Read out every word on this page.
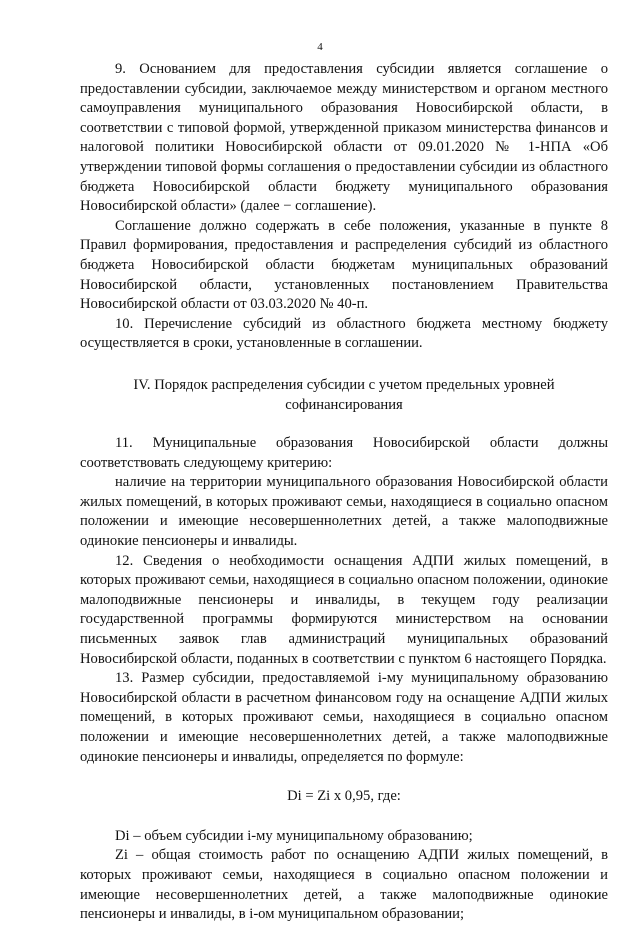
4

9. Основанием для предоставления субсидии является соглашение о предоставлении субсидии, заключаемое между министерством и органом местного самоуправления муниципального образования Новосибирской области, в соответствии с типовой формой, утвержденной приказом министерства финансов и налоговой политики Новосибирской области от 09.01.2020 № 1-НПА «Об утверждении типовой формы соглашения о предоставлении субсидии из областного бюджета Новосибирской области бюджету муниципального образования Новосибирской области» (далее − соглашение).

Соглашение должно содержать в себе положения, указанные в пункте 8 Правил формирования, предоставления и распределения субсидий из областного бюджета Новосибирской области бюджетам муниципальных образований Новосибирской области, установленных постановлением Правительства Новосибирской области от 03.03.2020 № 40-п.

10. Перечисление субсидий из областного бюджета местному бюджету осуществляется в сроки, установленные в соглашении.

IV. Порядок распределения субсидии с учетом предельных уровней
софинансирования

11. Муниципальные образования Новосибирской области должны соответствовать следующему критерию:

наличие на территории муниципального образования Новосибирской области жилых помещений, в которых проживают семьи, находящиеся в социально опасном положении и имеющие несовершеннолетних детей, а также малоподвижные одинокие пенсионеры и инвалиды.

12. Сведения о необходимости оснащения АДПИ жилых помещений, в которых проживают семьи, находящиеся в социально опасном положении, одинокие малоподвижные пенсионеры и инвалиды, в текущем году реализации государственной программы формируются министерством на основании письменных заявок глав администраций муниципальных образований Новосибирской области, поданных в соответствии с пунктом 6 настоящего Порядка.

13. Размер субсидии, предоставляемой i-му муниципальному образованию Новосибирской области в расчетном финансовом году на оснащение АДПИ жилых помещений, в которых проживают семьи, находящиеся в социально опасном положении и имеющие несовершеннолетних детей, а также малоподвижные одинокие пенсионеры и инвалиды, определяется по формуле:

Di = Zi x 0,95, где:

Di – объем субсидии i-му муниципальному образованию;

Zi – общая стоимость работ по оснащению АДПИ жилых помещений, в которых проживают семьи, находящиеся в социально опасном положении и имеющие несовершеннолетних детей, а также малоподвижные одинокие пенсионеры и инвалиды, в i-ом муниципальном образовании;
